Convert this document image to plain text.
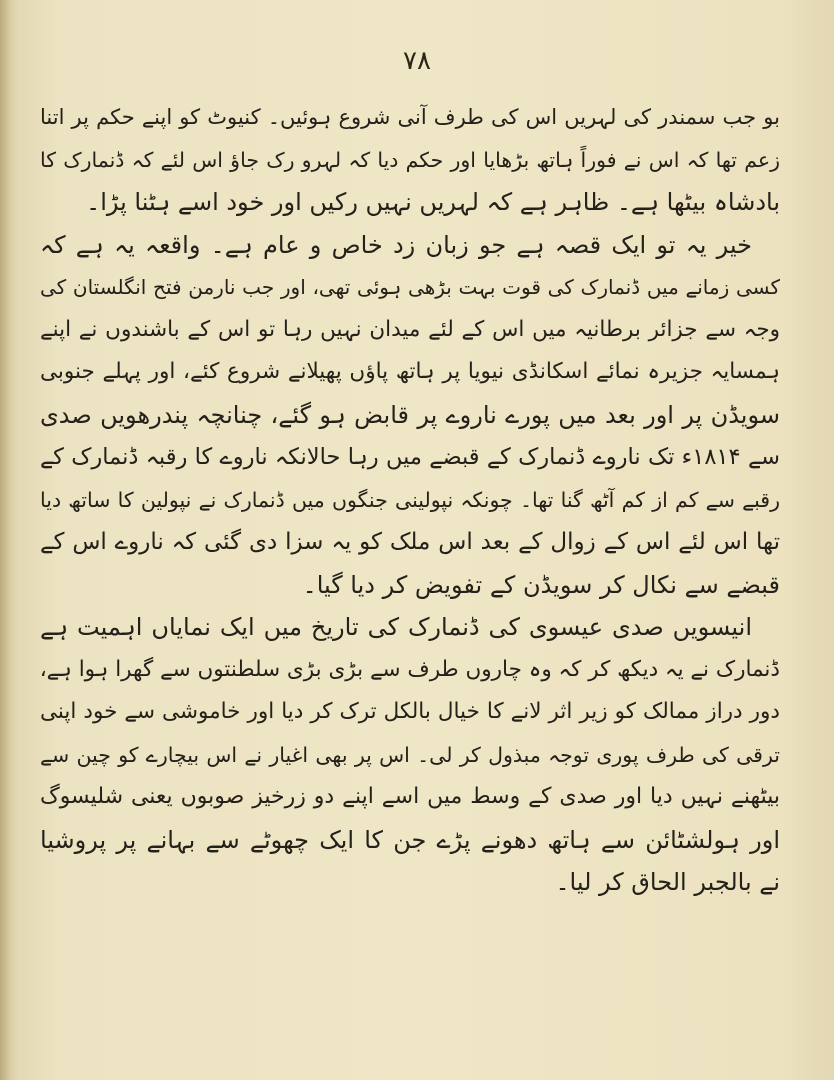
۷۸
بو جب سمندر کی لہریں اس کی طرف آنی شروع ہوئیں۔ کنیوٹ کو اپنے حکم پر اتنا
زعم تھا کہ اس نے فوراً ہاتھ بڑھایا اور حکم دیا کہ لہرو رک جاؤ اس لئے کہ ڈنمارک کا
بادشاہ بیٹھا ہے۔ ظاہر ہے کہ لہریں نہیں رکیں اور خود اسے ہٹنا پڑا۔
خیر یہ تو ایک قصہ ہے جو زبان زد خاص و عام ہے۔ واقعہ یہ ہے کہ
کسی زمانے میں ڈنمارک کی قوت بہت بڑھی ہوئی تھی، اور جب نارمن فتح انگلستان کی
وجہ سے جزائر برطانیہ میں اس کے لئے میدان نہیں رہا تو اس کے باشندوں نے اپنے
ہمسایہ جزیرہ نمائے اسکانڈی نیویا پر ہاتھ پاؤں پھیلانے شروع کئے، اور پہلے جنوبی
سویڈن پر اور بعد میں پورے ناروے پر قابض ہو گئے، چنانچہ پندرھویں صدی
سے ۱۸۱۴ء تک ناروے ڈنمارک کے قبضے میں رہا حالانکہ ناروے کا رقبہ ڈنمارک کے
رقبے سے کم از کم آٹھ گنا تھا۔ چونکہ نپولینی جنگوں میں ڈنمارک نے نپولین کا ساتھ دیا
تھا اس لئے اس کے زوال کے بعد اس ملک کو یہ سزا دی گئی کہ ناروے اس کے
قبضے سے نکال کر سویڈن کے تفویض کر دیا گیا۔
انیسویں صدی عیسوی کی ڈنمارک کی تاریخ میں ایک نمایاں اہمیت ہے
ڈنمارک نے یہ دیکھ کر کہ وہ چاروں طرف سے بڑی بڑی سلطنتوں سے گھرا ہوا ہے،
دور دراز ممالک کو زیر اثر لانے کا خیال بالکل ترک کر دیا اور خاموشی سے خود اپنی
ترقی کی طرف پوری توجہ مبذول کر لی۔ اس پر بھی اغیار نے اس بیچارے کو چین سے
بیٹھنے نہیں دیا اور صدی کے وسط میں اسے اپنے دو زرخیز صوبوں یعنی شلیسوگ
اور ہولشٹائن سے ہاتھ دھونے پڑے جن کا ایک چھوٹے سے بہانے پر پروشیا
نے بالجبر الحاق کر لیا۔
